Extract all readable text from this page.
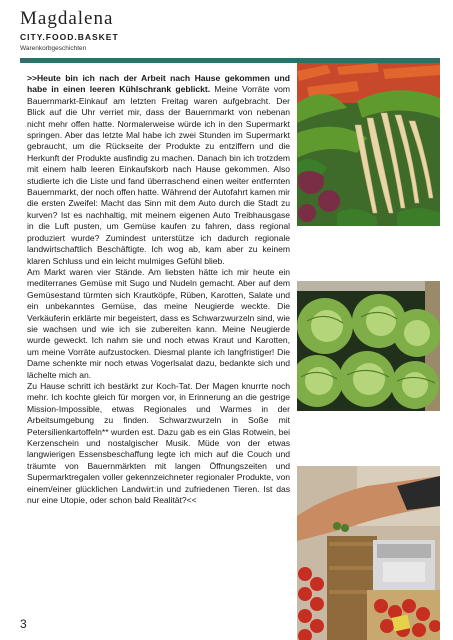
Magdalena
CITY.FOOD.BASKET
Warenkorbgeschichten

>>Heute bin ich nach der Arbeit nach Hause gekommen und habe in einen leeren Kühlschrank geblickt. Meine Vorräte vom Bauernmarkt-Einkauf am letzten Freitag waren aufgebracht. Der Blick auf die Uhr verriet mir, dass der Bauernmarkt von nebenan nicht mehr offen hatte. Normalerweise würde ich in den Supermarkt springen. Aber das letzte Mal habe ich zwei Stunden im Supermarkt gebraucht, um die Rückseite der Produkte zu entziffern und die Herkunft der Produkte ausfindig zu machen. Danach bin ich trotzdem mit einem halb leeren Einkaufskorb nach Hause gekommen. Also studierte ich die Liste und fand überraschend einen weiter entfernten Bauernmarkt, der noch offen hatte. Während der Autofahrt kamen mir die ersten Zweifel: Macht das Sinn mit dem Auto durch die Stadt zu kurven? Ist es nachhaltig, mit meinem eigenen Auto Treibhausgase in die Luft pusten, um Gemüse kaufen zu fahren, dass regional produziert wurde? Zumindest unterstütze ich dadurch regionale landwirtschaftlich Beschäftigte. Ich wog ab, kam aber zu keinem klaren Schluss und ein leicht mulmiges Gefühl blieb.

Am Markt waren vier Stände. Am liebsten hätte ich mir heute ein mediterranes Gemüse mit Sugo und Nudeln gemacht. Aber auf dem Gemüsestand türmten sich Krautköpfe, Rüben, Karotten, Salate und ein unbekanntes Gemüse, das meine Neugierde weckte. Die Verkäuferin erklärte mir begeistert, dass es Schwarzwurzeln sind, wie sie wachsen und wie ich sie zubereiten kann. Meine Neugierde wurde geweckt. Ich nahm sie und noch etwas Kraut und Karotten, um meine Vorräte aufzustocken. Diesmal plante ich langfristiger! Die Dame schenkte mir noch etwas Vogerlsalat dazu, bedankte sich und lächelte mich an.

Zu Hause schritt ich bestärkt zur Koch-Tat. Der Magen knurrte noch mehr. Ich kochte gleich für morgen vor, in Erinnerung an die gestrige Mission-Impossible, etwas Regionales und Warmes in der Arbeitsumgebung zu finden. Schwarzwurzeln in Soße mit Petersilienkartoffeln** wurden est. Dazu gab es ein Glas Rotwein, bei Kerzenschein und nostalgischer Musik. Müde von der etwas langwierigen Essensbeschaffung legte ich mich auf die Couch und träumte von Bauernmärkten mit langen Öffnungszeiten und Supermarktregalen voller gekennzeichneter regionaler Produkte, von einem/einer glücklichen Landwirt:in und zufriedenen Tieren. Ist das nur eine Utopie, oder schon bald Realität?<<

3
